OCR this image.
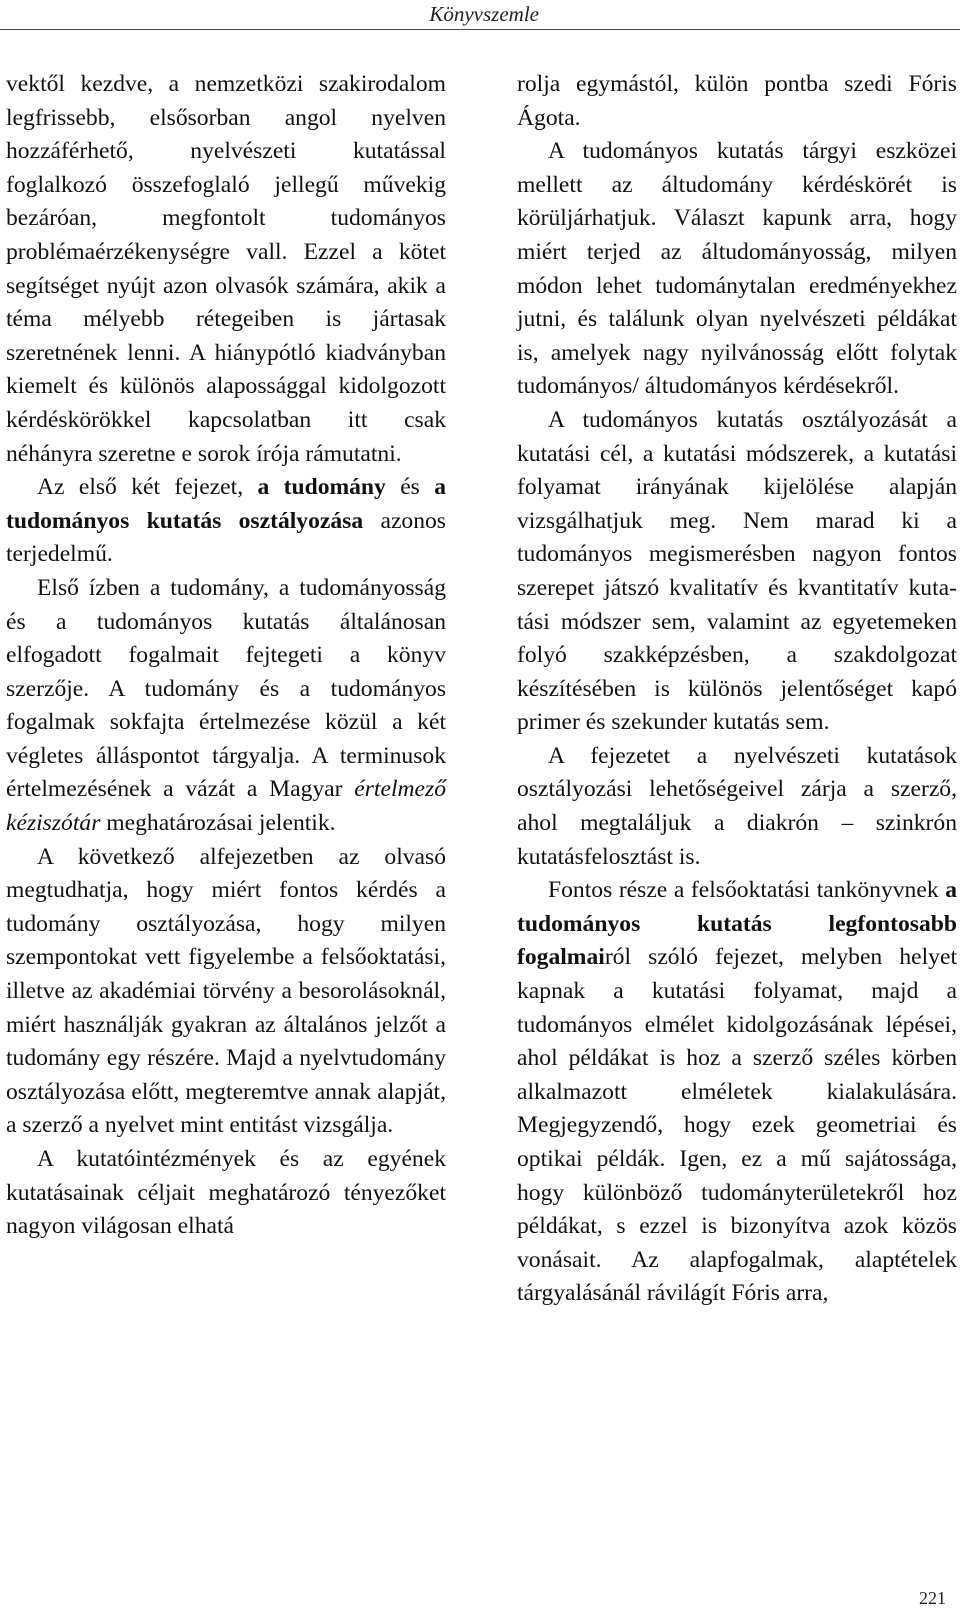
Könyvszemle

vektől kezdve, a nemzetközi szakirodalom legfrissebb, elsősorban angol nyelven hozzáférhető, nyelvészeti kutatással foglalkozó összefoglaló jellegű művekig bezáróan, megfontolt tudományos problémaérzékenységre vall. Ezzel a kötet segítséget nyújt azon olvasók számára, akik a téma mélyebb rétegeiben is jártasak szeretnének lenni. A hiánypótló kiadványban kiemelt és különös alapossággal kidolgozott kérdéskörökkel kapcsolatban itt csak néhányra szeretne e sorok írója rámutatni.

Az első két fejezet, a tudomány és a tudományos kutatás osztályozása azonos terjedelmű.

Első ízben a tudomány, a tudományosság és a tudományos kutatás általánosan elfogadott fogalmait fejtegeti a könyv szerzője. A tudomány és a tudományos fogalmak sokfajta értelmezése közül a két végletes álláspontot tárgyalja. A terminusok értelmezésének a vázát a Magyar értelmező kéziszótár meghatározásai jelentik.

A következő alfejezetben az olvasó megtudhatja, hogy miért fontos kérdés a tudomány osztályozása, hogy milyen szempontokat vett figyelembe a felsőoktatási, illetve az akadémiai törvény a besorolásoknál, miért használják gyakran az általános jelzőt a tudomány egy részére. Majd a nyelvtudomány osztályozása előtt, megteremtve annak alapját, a szerző a nyelvet mint entitást vizsgálja.

A kutatóintézmények és az egyének kutatásainak céljait meghatározó tényezőket nagyon világosan elhatá

rolja egymástól, külön pontba szedi Fóris Ágota.

A tudományos kutatás tárgyi eszközei mellett az áltudomány kérdéskörét is körüljárhatjuk. Választ kapunk arra, hogy miért terjed az áltudományosság, milyen módon lehet tudománytalan eredményekhez jutni, és találunk olyan nyelvészeti példákat is, amelyek nagy nyilvánosság előtt folytak tudományos/ áltudományos kérdésekről.

A tudományos kutatás osztályozását a kutatási cél, a kutatási módszerek, a kutatási folyamat irányának kijelölése alapján vizsgálhatjuk meg. Nem marad ki a tudományos megismerésben nagyon fontos szerepet játszó kvalitatív és kvantitatív kutatási módszer sem, valamint az egyetemeken folyó szakképzésben, a szakdolgozat készítésében is különös jelentőséget kapó primer és szekunder kutatás sem.

A fejezetet a nyelvészeti kutatások osztályozási lehetőségeivel zárja a szerző, ahol megtaláljuk a diakrón – szinkrón kutatásfelosztást is.

Fontos része a felsőoktatási tankönyvnek a tudományos kutatás legfontosabb fogalmairól szóló fejezet, melyben helyet kapnak a kutatási folyamat, majd a tudományos elmélet kidolgozásának lépései, ahol példákat is hoz a szerző széles körben alkalmazott elméletek kialakulására. Megjegyzendő, hogy ezek geometriai és optikai példák. Igen, ez a mű sajátossága, hogy különböző tudományterületekről hoz példákat, s ezzel is bizonyítva azok közös vonásait. Az alapfogalmak, alaptételek tárgyalásánál rávilágít Fóris arra,

221
